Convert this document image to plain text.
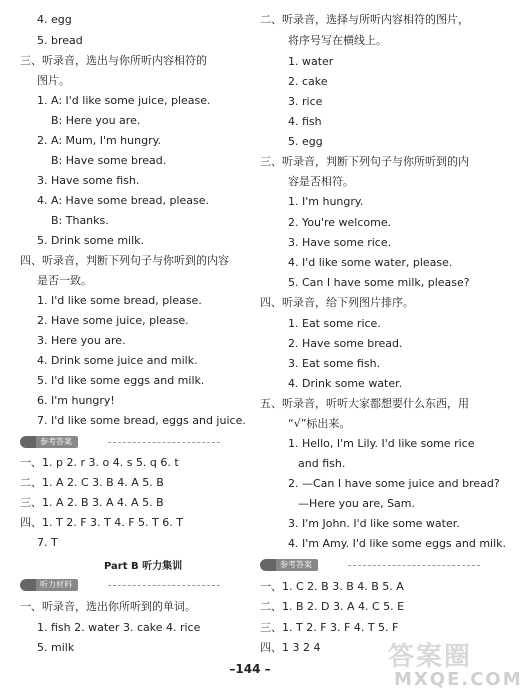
4. egg
5. bread
三、听录音，选出与你所听内容相符的
图片。
1. A: I'd like some juice, please.
B: Here you are.
2. A: Mum, I'm hungry.
B: Have some bread.
3. Have some fish.
4. A: Have some bread, please.
B: Thanks.
5. Drink some milk.
四、听录音，判断下列句子与你听到的内容
是否一致。
1. I'd like some bread, please.
2. Have some juice, please.
3. Here you are.
4. Drink some juice and milk.
5. I'd like some eggs and milk.
6. I'm hungry!
7. I'd like some bread, eggs and juice.
参考答案
一、1. p 2. r 3. o 4. s 5. q 6. t
二、1. A 2. C 3. B 4. A 5. B
三、1. A 2. B 3. A 4. A 5. B
四、1. T 2. F 3. T 4. F 5. T 6. T
7. T
Part B 听力集训
听力材料
一、听录音，选出你所听到的单词。
1. fish 2. water 3. cake 4. rice
5. milk
二、听录音，选择与所听内容相符的图片，
将序号写在横线上。
1. water
2. cake
3. rice
4. fish
5. egg
三、听录音，判断下列句子与你所听到的内
容是否相符。
1. I'm hungry.
2. You're welcome.
3. Have some rice.
4. I'd like some water, please.
5. Can I have some milk, please?
四、听录音，给下列图片排序。
1. Eat some rice.
2. Have some bread.
3. Eat some fish.
4. Drink some water.
五、听录音，听听大家都想要什么东西，用
“√”标出来。
1. Hello, I'm Lily. I'd like some rice
and fish.
2. —Can I have some juice and bread?
—Here you are, Sam.
3. I'm John. I'd like some water.
4. I'm Amy. I'd like some eggs and milk.
参考答案
一、1. C 2. B 3. B 4. B 5. A
二、1. B 2. D 3. A 4. C 5. E
三、1. T 2. F 3. F 4. T 5. F
四、1 3 2 4
–144 –	答案圈
MXQE.COM
